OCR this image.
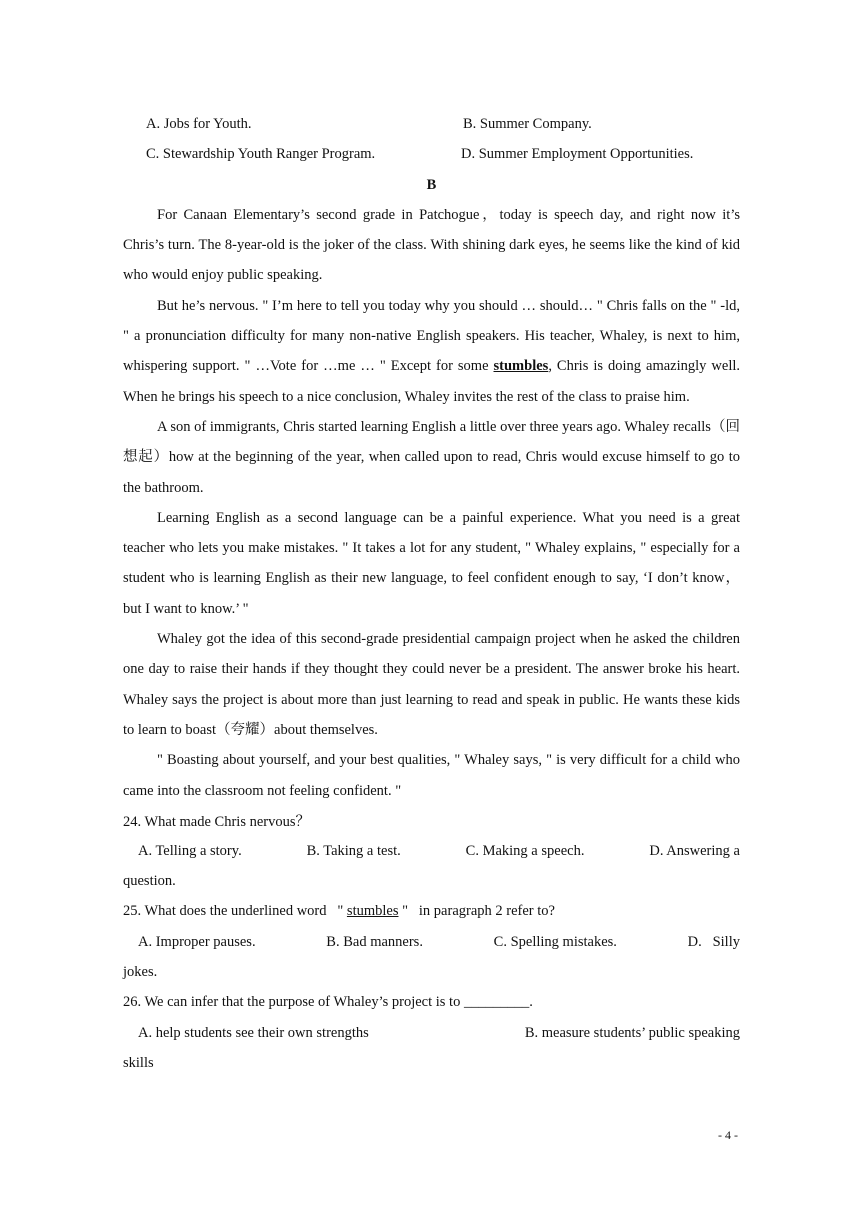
A. Jobs for Youth.	B. Summer Company.
C. Stewardship Youth Ranger Program.	D. Summer Employment Opportunities.
B

For Canaan Elementary’s second grade in Patchogue，today is speech day, and right now it’s Chris’s turn. The 8-year-old is the joker of the class. With shining dark eyes, he seems like the kind of kid who would enjoy public speaking.

But he’s nervous. " I’m here to tell you today why you should … should… " Chris falls on the " -ld, " a pronunciation difficulty for many non-native English speakers. His teacher, Whaley, is next to him, whispering support. " …Vote for …me … " Except for some stumbles, Chris is doing amazingly well. When he brings his speech to a nice conclusion, Whaley invites the rest of the class to praise him.

A son of immigrants, Chris started learning English a little over three years ago. Whaley recalls（回想起）how at the beginning of the year, when called upon to read, Chris would excuse himself to go to the bathroom.

Learning English as a second language can be a painful experience. What you need is a great teacher who lets you make mistakes. " It takes a lot for any student, " Whaley explains, " especially for a student who is learning English as their new language, to feel confident enough to say, ‘I don’t know，but I want to know.’ "

Whaley got the idea of this second-grade presidential campaign project when he asked the children one day to raise their hands if they thought they could never be a president. The answer broke his heart. Whaley says the project is about more than just learning to read and speak in public. He wants these kids to learn to boast（夸耀）about themselves.

" Boasting about yourself, and your best qualities, " Whaley says, " is very difficult for a child who came into the classroom not feeling confident. "

24. What made Chris nervous？
A. Telling a story.	B. Taking a test.	C. Making a speech.	D. Answering a
question.
25. What does the underlined word   " stumbles "   in paragraph 2 refer to?
A. Improper pauses.	B. Bad manners.	C. Spelling mistakes.	D.   Silly
jokes.
26. We can infer that the purpose of Whaley’s project is to _________.
A. help students see their own strengths	B. measure students’ public speaking
skills
- 4 -
